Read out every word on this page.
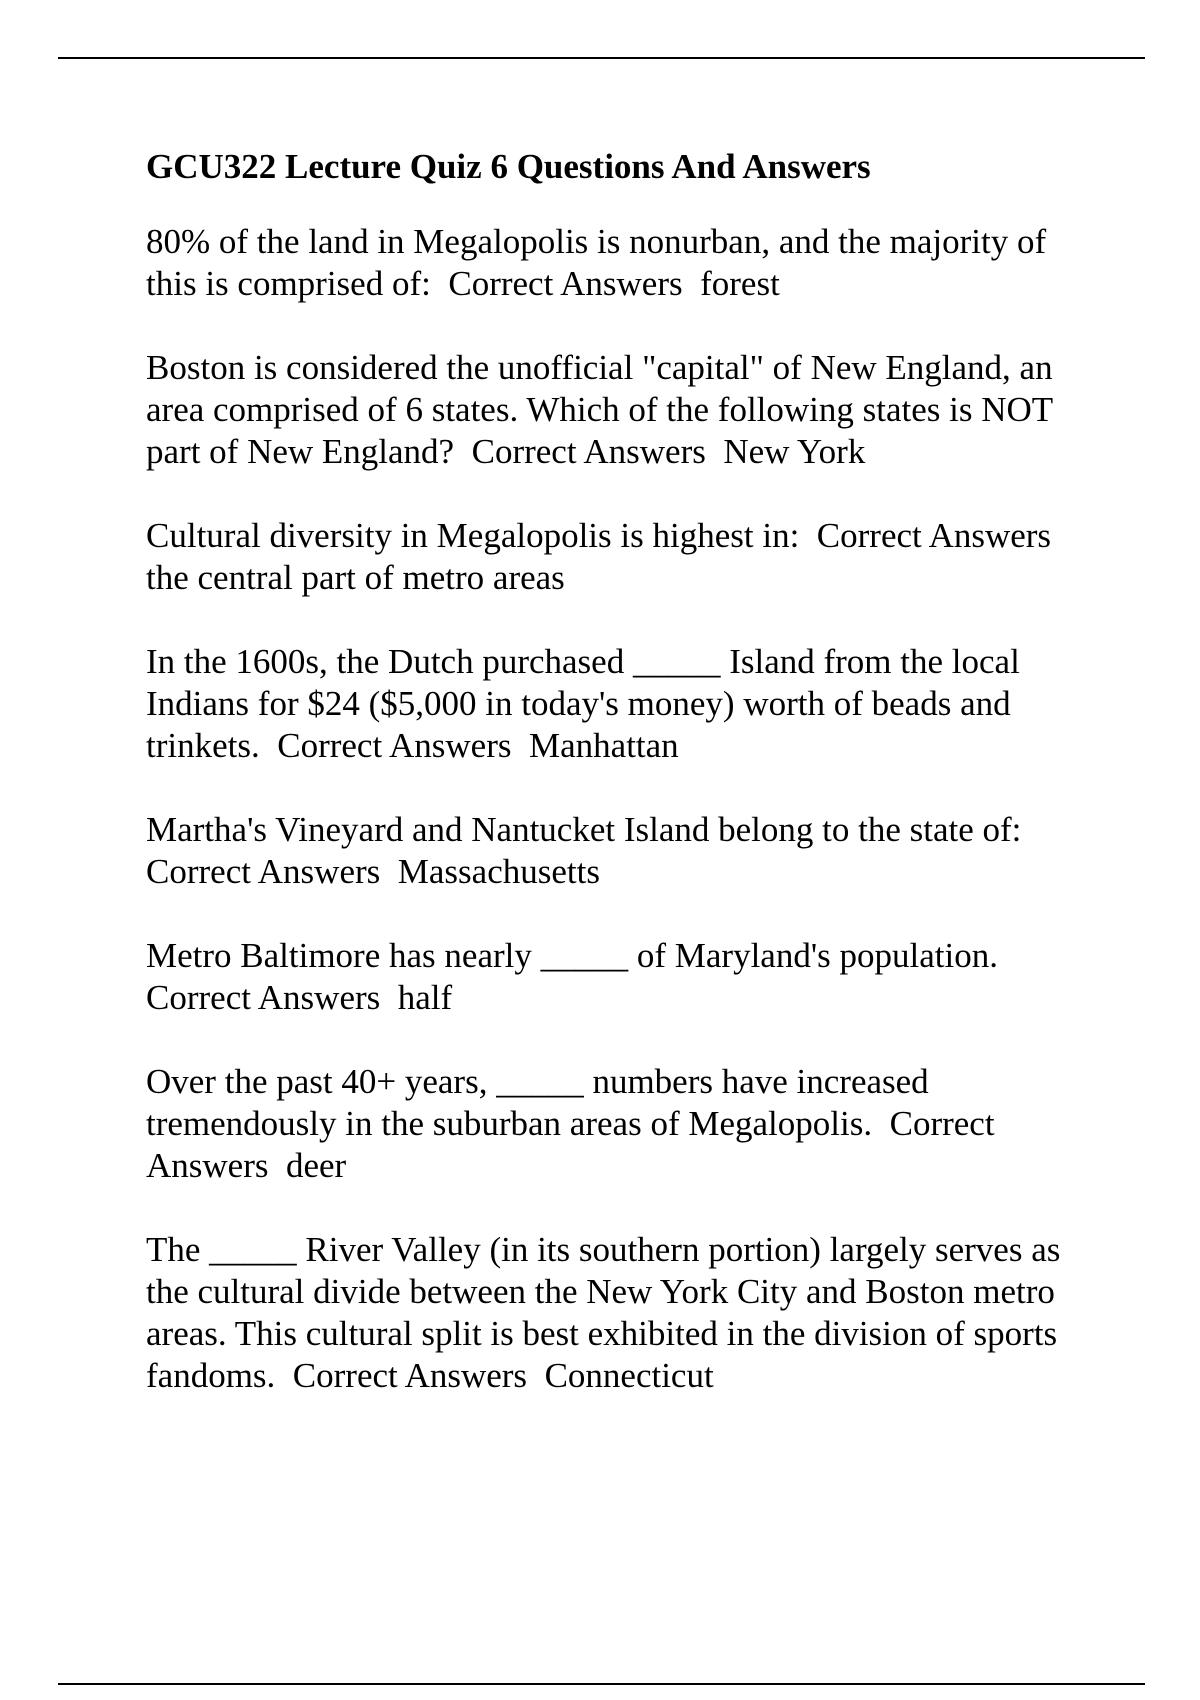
GCU322 Lecture Quiz 6 Questions And Answers
80% of the land in Megalopolis is nonurban, and the majority of this is comprised of: Correct Answers forest
Boston is considered the unofficial "capital" of New England, an area comprised of 6 states. Which of the following states is NOT part of New England? Correct Answers New York
Cultural diversity in Megalopolis is highest in: Correct Answers  the central part of metro areas
In the 1600s, the Dutch purchased _____ Island from the local Indians for $24 ($5,000 in today's money) worth of beads and trinkets. Correct Answers Manhattan
Martha's Vineyard and Nantucket Island belong to the state of:  Correct Answers Massachusetts
Metro Baltimore has nearly _____ of Maryland's population.  Correct Answers half
Over the past 40+ years, _____ numbers have increased tremendously in the suburban areas of Megalopolis. Correct Answers deer
The _____ River Valley (in its southern portion) largely serves as the cultural divide between the New York City and Boston metro areas. This cultural split is best exhibited in the division of sports fandoms. Correct Answers Connecticut
